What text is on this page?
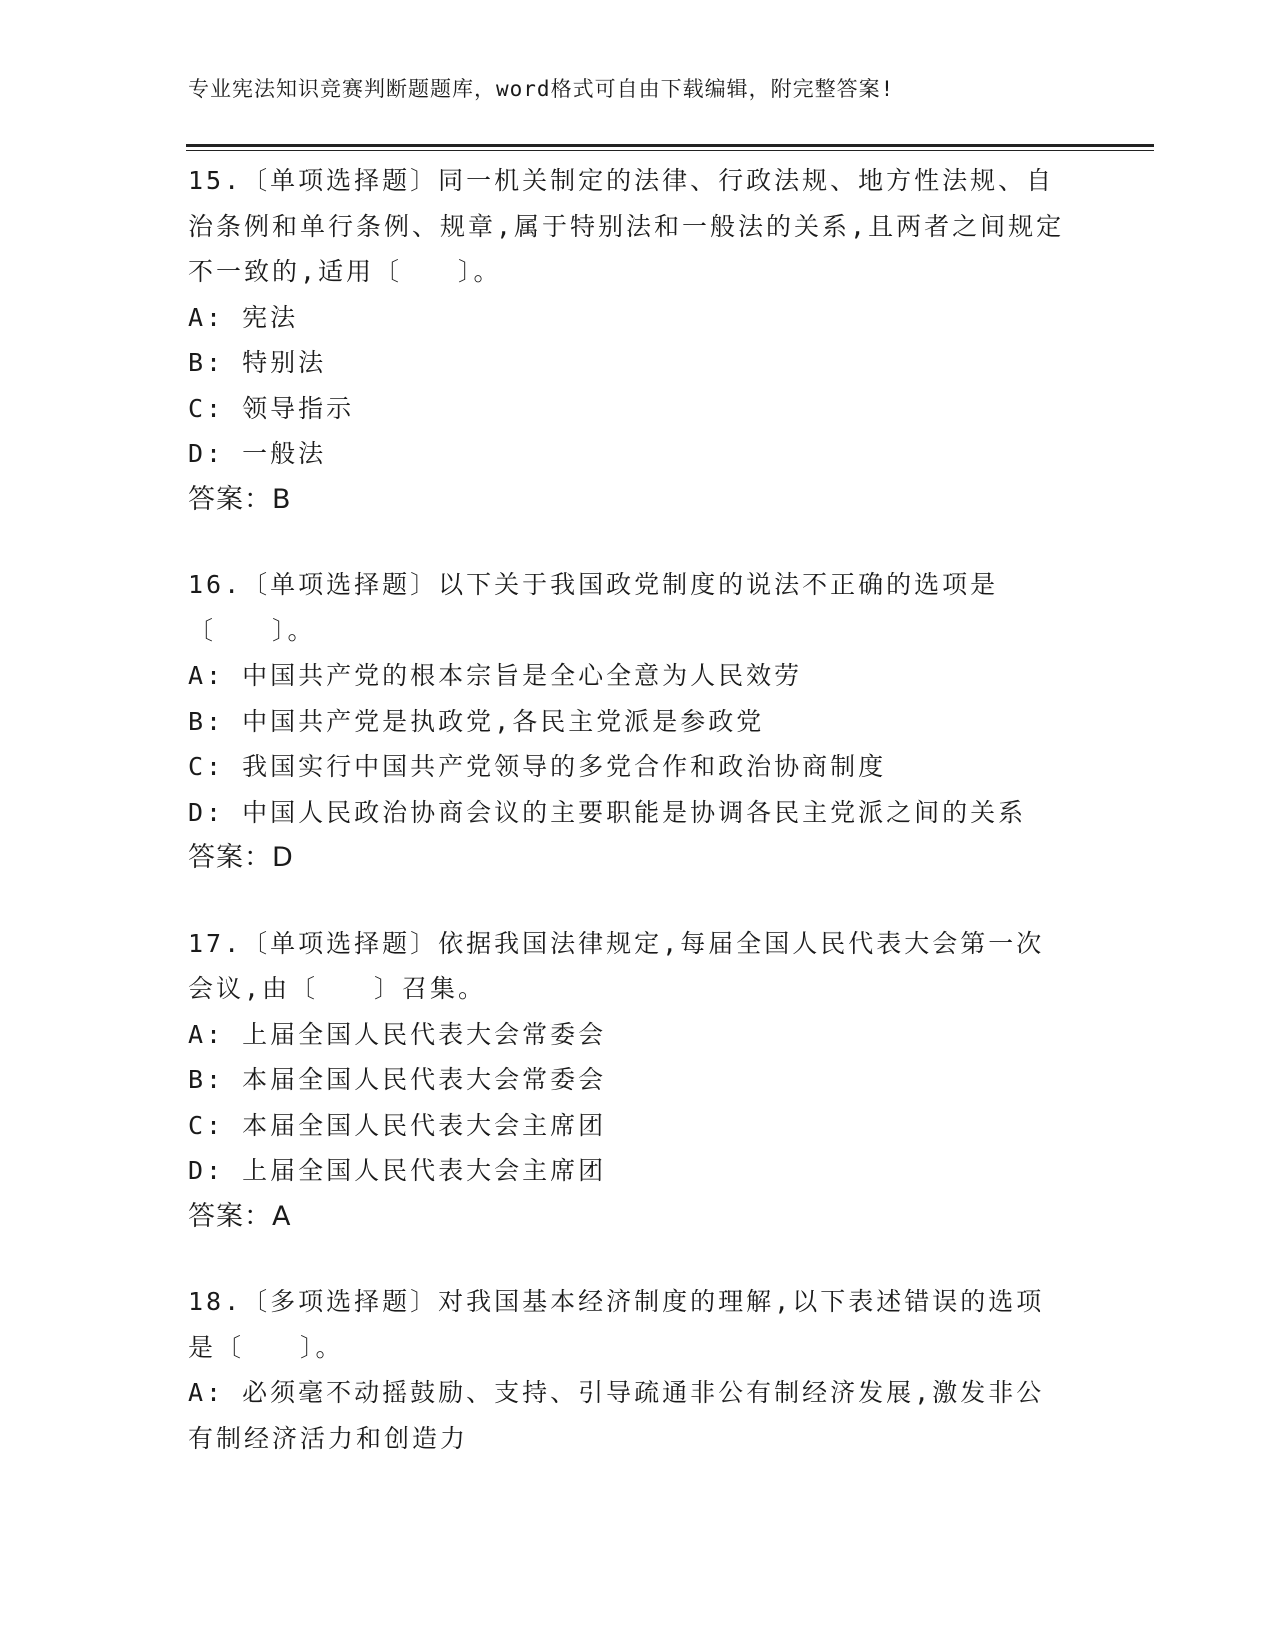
专业宪法知识竞赛判断题题库，word格式可自由下载编辑，附完整答案!

15.〔单项选择题〕同一机关制定的法律、行政法规、地方性法规、自治条例和单行条例、规章,属于特别法和一般法的关系,且两者之间规定不一致的,适用〔　　〕。

A: 宪法

B: 特别法

C: 领导指示

D: 一般法

答案：B

16.〔单项选择题〕以下关于我国政党制度的说法不正确的选项是〔　　〕。

A: 中国共产党的根本宗旨是全心全意为人民效劳

B: 中国共产党是执政党,各民主党派是参政党

C: 我国实行中国共产党领导的多党合作和政治协商制度

D: 中国人民政治协商会议的主要职能是协调各民主党派之间的关系

答案：D

17.〔单项选择题〕依据我国法律规定,每届全国人民代表大会第一次会议,由〔　　〕召集。

A: 上届全国人民代表大会常委会

B: 本届全国人民代表大会常委会

C: 本届全国人民代表大会主席团

D: 上届全国人民代表大会主席团

答案：A

18.〔多项选择题〕对我国基本经济制度的理解,以下表述错误的选项是〔　　〕。

A: 必须毫不动摇鼓励、支持、引导疏通非公有制经济发展,激发非公有制经济活力和创造力
